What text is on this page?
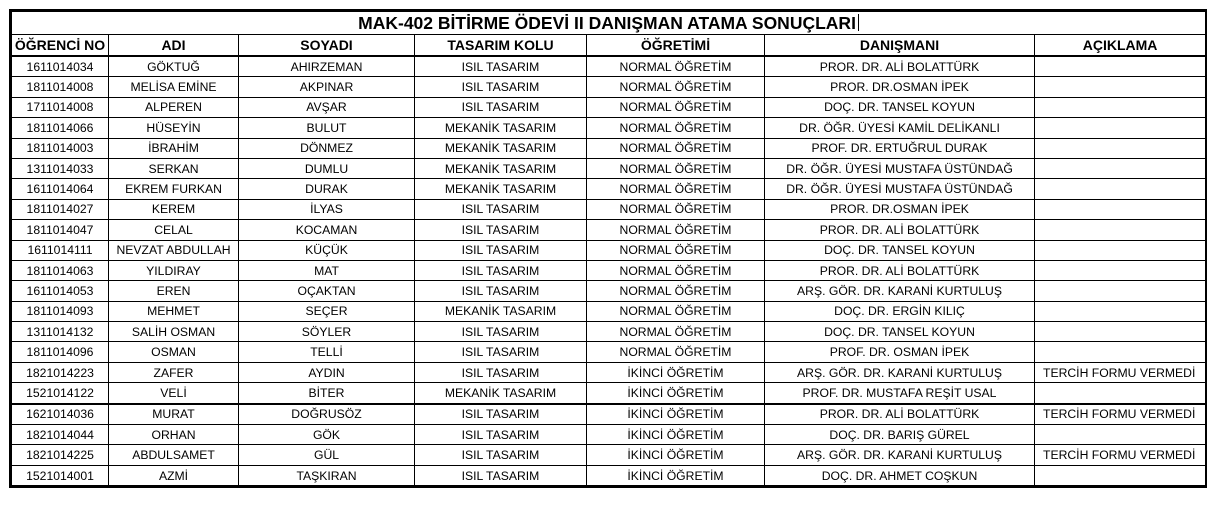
MAK-402 BİTİRME ÖDEVİ II DANIŞMAN ATAMA SONUÇLARI						
ÖĞRENCİ NO	ADI	SOYADI	TASARIM KOLU	ÖĞRETİMİ	DANIŞMANI	AÇIKLAMA
1611014034	GÖKTUĞ	AHIRZEMAN	ISIL TASARIM	NORMAL ÖĞRETİM	PROR. DR. ALİ BOLATTÜRK	
1811014008	MELİSA EMİNE	AKPINAR	ISIL TASARIM	NORMAL ÖĞRETİM	PROR. DR.OSMAN İPEK	
1711014008	ALPEREN	AVŞAR	ISIL TASARIM	NORMAL ÖĞRETİM	DOÇ. DR. TANSEL KOYUN	
1811014066	HÜSEYİN	BULUT	MEKANİK TASARIM	NORMAL ÖĞRETİM	DR. ÖĞR. ÜYESİ KAMİL DELİKANLI	
1811014003	İBRAHİM	DÖNMEZ	MEKANİK TASARIM	NORMAL ÖĞRETİM	PROF. DR. ERTUĞRUL DURAK	
1311014033	SERKAN	DUMLU	MEKANİK TASARIM	NORMAL ÖĞRETİM	DR. ÖĞR. ÜYESİ MUSTAFA ÜSTÜNDAĞ	
1611014064	EKREM FURKAN	DURAK	MEKANİK TASARIM	NORMAL ÖĞRETİM	DR. ÖĞR. ÜYESİ MUSTAFA ÜSTÜNDAĞ	
1811014027	KEREM	İLYAS	ISIL TASARIM	NORMAL ÖĞRETİM	PROR. DR.OSMAN İPEK	
1811014047	CELAL	KOCAMAN	ISIL TASARIM	NORMAL ÖĞRETİM	PROR. DR. ALİ BOLATTÜRK	
1611014111	NEVZAT ABDULLAH	KÜÇÜK	ISIL TASARIM	NORMAL ÖĞRETİM	DOÇ. DR. TANSEL KOYUN	
1811014063	YILDIRAY	MAT	ISIL TASARIM	NORMAL ÖĞRETİM	PROR. DR. ALİ BOLATTÜRK	
1611014053	EREN	OÇAKTAN	ISIL TASARIM	NORMAL ÖĞRETİM	ARŞ. GÖR. DR. KARANİ KURTULUŞ	
1811014093	MEHMET	SEÇER	MEKANİK TASARIM	NORMAL ÖĞRETİM	DOÇ. DR. ERGİN KILIÇ	
1311014132	SALİH OSMAN	SÖYLER	ISIL TASARIM	NORMAL ÖĞRETİM	DOÇ. DR. TANSEL KOYUN	
1811014096	OSMAN	TELLİ	ISIL TASARIM	NORMAL ÖĞRETİM	PROF. DR. OSMAN İPEK	
1821014223	ZAFER	AYDIN	ISIL TASARIM	İKİNCİ ÖĞRETİM	ARŞ. GÖR. DR. KARANİ KURTULUŞ	TERCİH FORMU VERMEDİ
1521014122	VELİ	BİTER	MEKANİK TASARIM	İKİNCİ ÖĞRETİM	PROF. DR. MUSTAFA REŞİT USAL	
1621014036	MURAT	DOĞRUSÖZ	ISIL TASARIM	İKİNCİ ÖĞRETİM	PROR. DR. ALİ BOLATTÜRK	TERCİH FORMU VERMEDİ
1821014044	ORHAN	GÖK	ISIL TASARIM	İKİNCİ ÖĞRETİM	DOÇ. DR. BARIŞ GÜREL	
1821014225	ABDULSAMET	GÜL	ISIL TASARIM	İKİNCİ ÖĞRETİM	ARŞ. GÖR. DR. KARANİ KURTULUŞ	TERCİH FORMU VERMEDİ
1521014001	AZMİ	TAŞKIRAN	ISIL TASARIM	İKİNCİ ÖĞRETİM	DOÇ. DR. AHMET COŞKUN	
